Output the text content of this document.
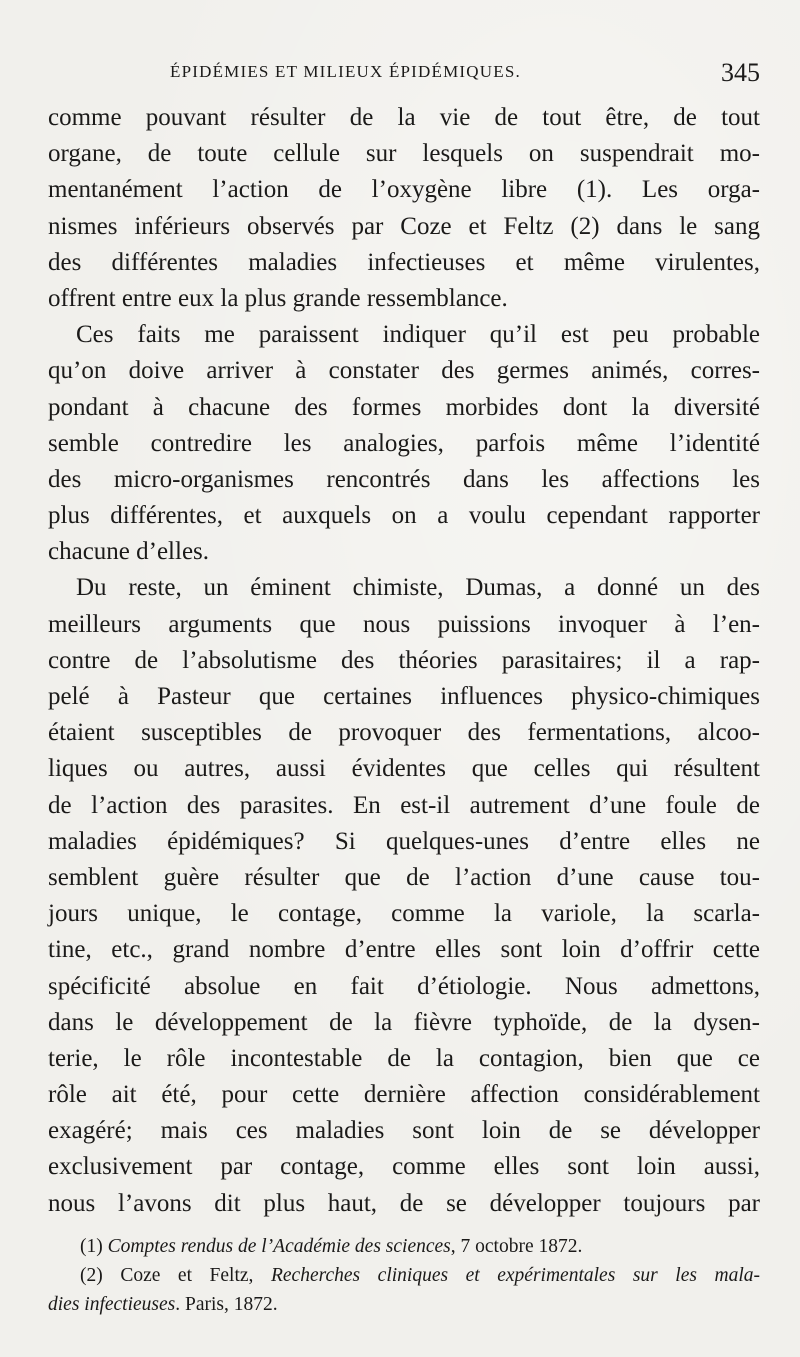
ÉPIDÉMIES ET MILIEUX ÉPIDÉMIQUES.	345
comme pouvant résulter de la vie de tout être, de tout
organe, de toute cellule sur lesquels on suspendrait mo-
mentanément l’action de l’oxygène libre (1). Les orga-
nismes inférieurs observés par Coze et Feltz (2) dans le sang
des différentes maladies infectieuses et même virulentes,
offrent entre eux la plus grande ressemblance.
Ces faits me paraissent indiquer qu’il est peu probable
qu’on doive arriver à constater des germes animés, corres-
pondant à chacune des formes morbides dont la diversité
semble contredire les analogies, parfois même l’identité
des micro-organismes rencontrés dans les affections les
plus différentes, et auxquels on a voulu cependant rapporter
chacune d’elles.
Du reste, un éminent chimiste, Dumas, a donné un des
meilleurs arguments que nous puissions invoquer à l’en-
contre de l’absolutisme des théories parasitaires; il a rap-
pelé à Pasteur que certaines influences physico-chimiques
étaient susceptibles de provoquer des fermentations, alcoo-
liques ou autres, aussi évidentes que celles qui résultent
de l’action des parasites. En est-il autrement d’une foule de
maladies épidémiques? Si quelques-unes d’entre elles ne
semblent guère résulter que de l’action d’une cause tou-
jours unique, le contage, comme la variole, la scarla-
tine, etc., grand nombre d’entre elles sont loin d’offrir cette
spécificité absolue en fait d’étiologie. Nous admettons,
dans le développement de la fièvre typhoïde, de la dysen-
terie, le rôle incontestable de la contagion, bien que ce
rôle ait été, pour cette dernière affection considérablement
exagéré; mais ces maladies sont loin de se développer
exclusivement par contage, comme elles sont loin aussi,
nous l’avons dit plus haut, de se développer toujours par
(1) Comptes rendus de l’Académie des sciences, 7 octobre 1872.
(2) Coze et Feltz, Recherches cliniques et expérimentales sur les mala-
dies infectieuses. Paris, 1872.
